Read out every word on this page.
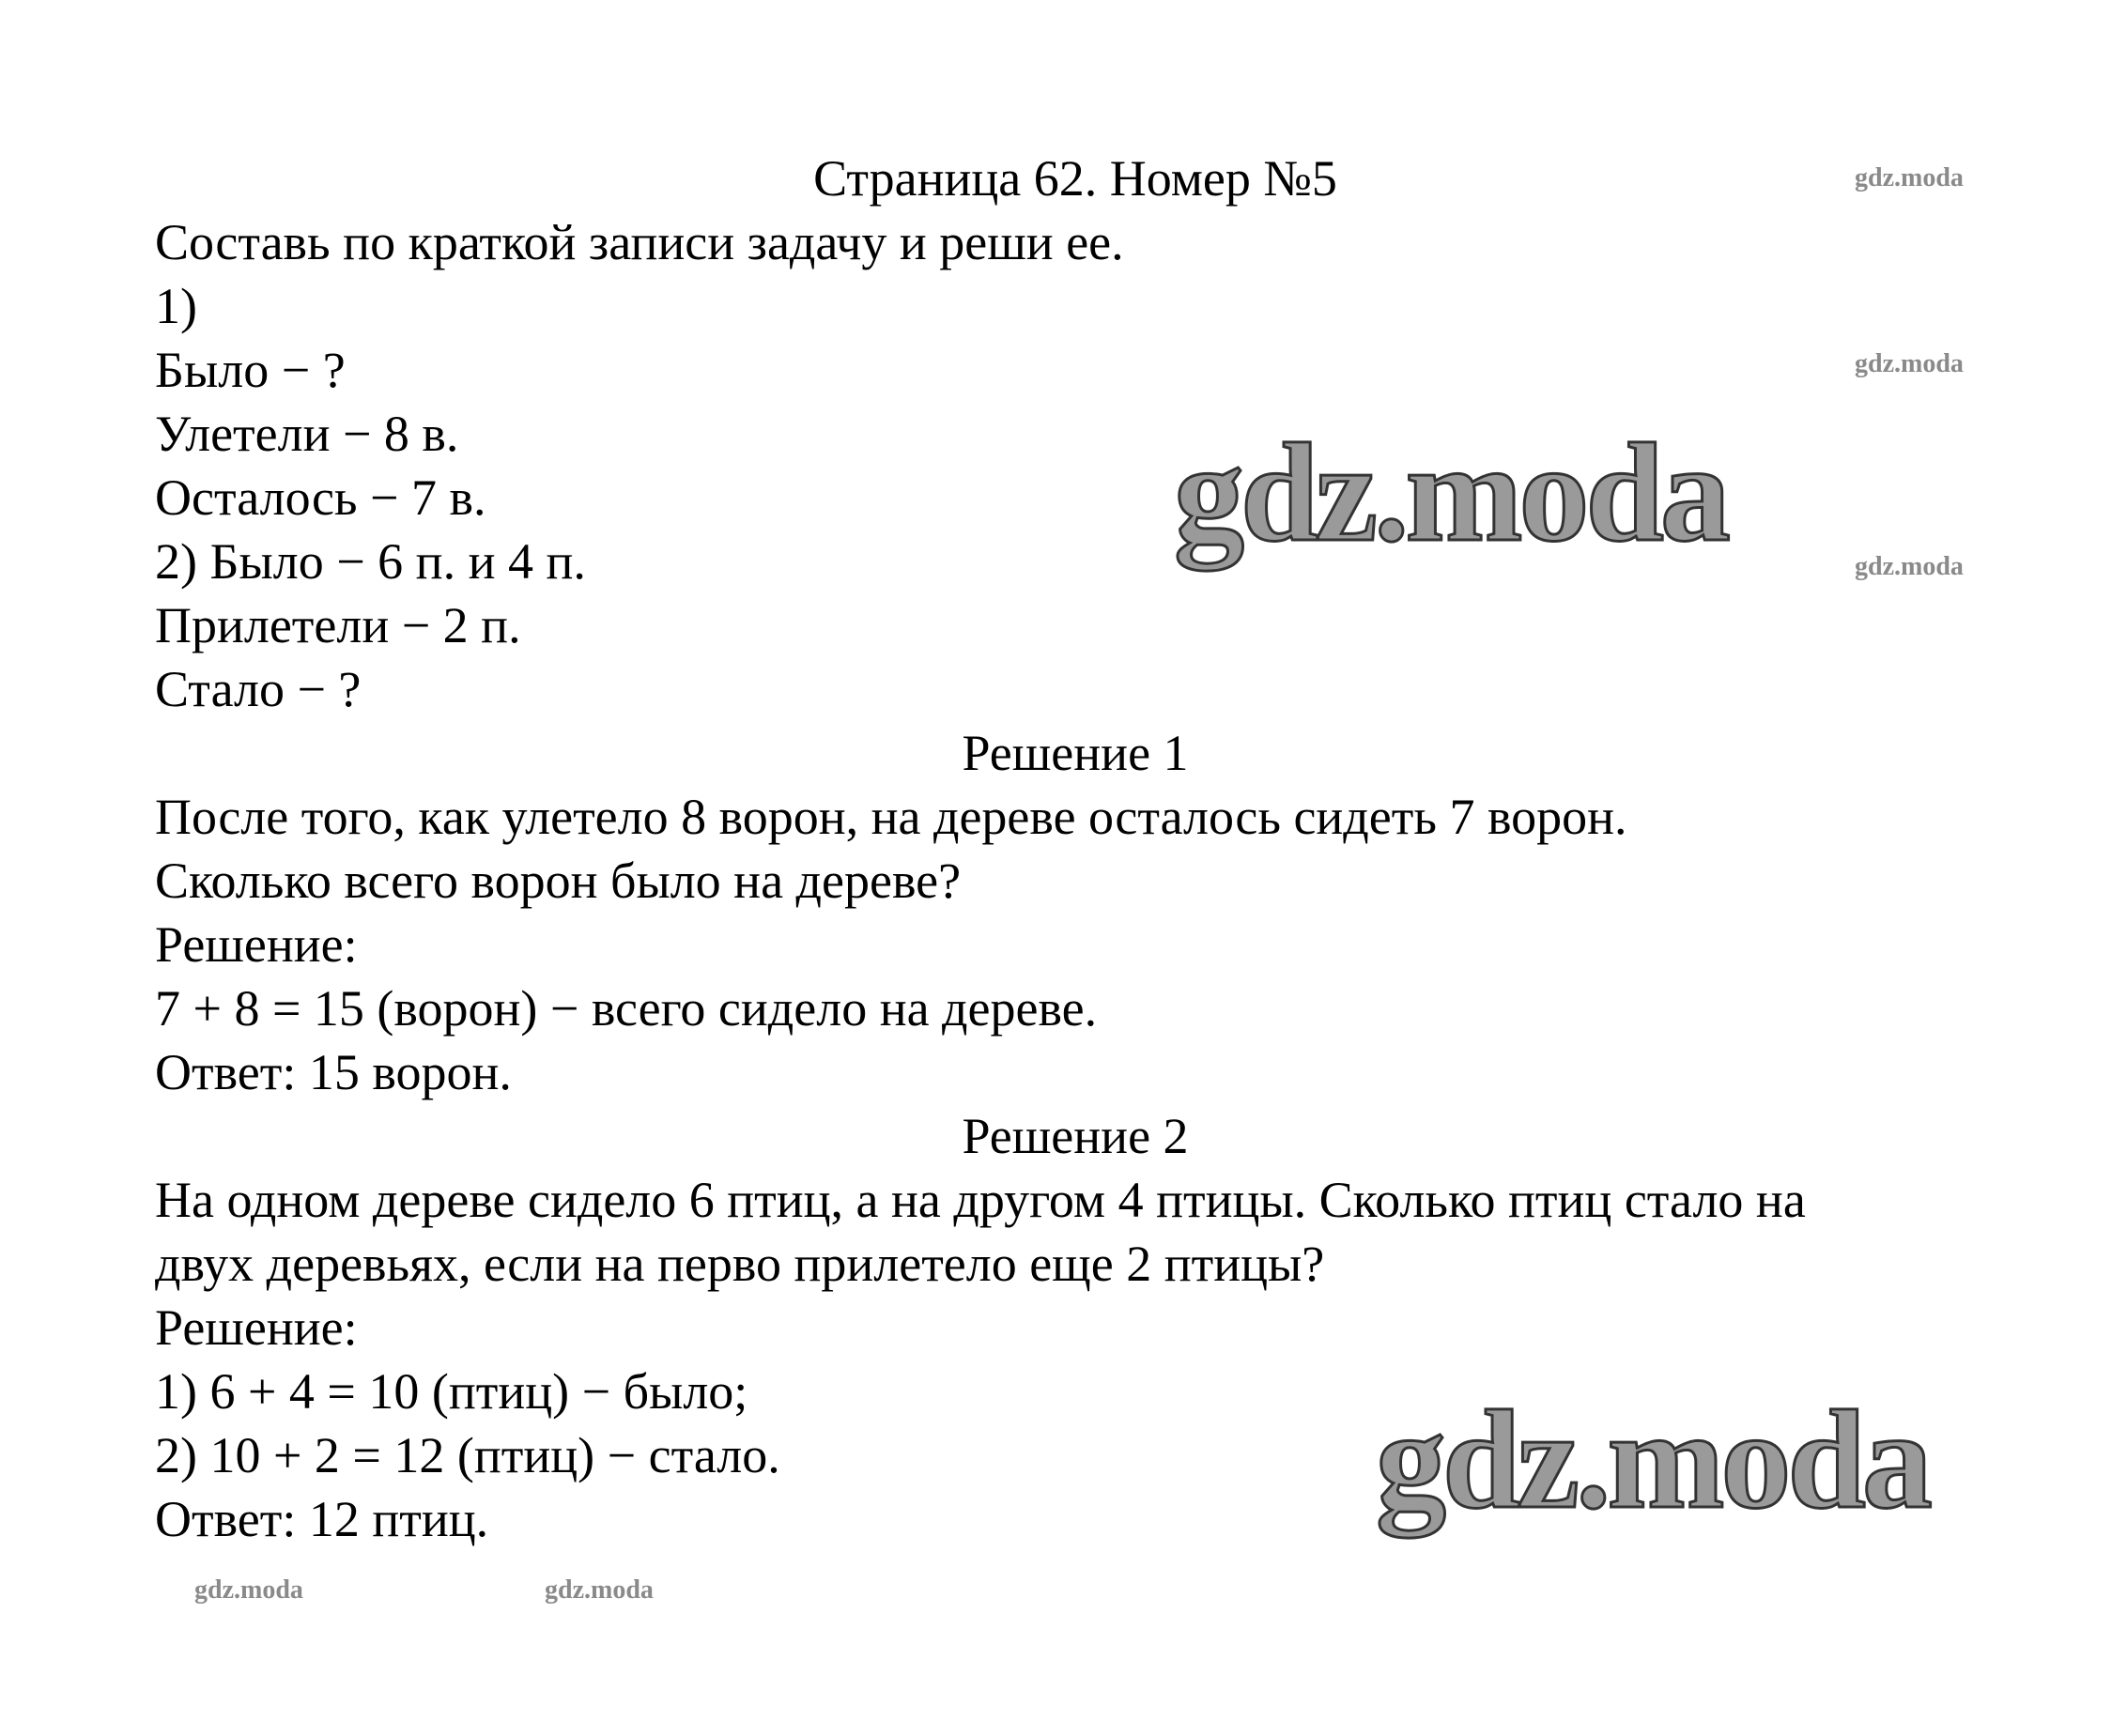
Страница 62. Номер №5
Составь по краткой записи задачу и реши ее.
1)
Было − ?
Улетели − 8 в.
Осталось − 7 в.
2) Было − 6 п. и 4 п.
Прилетели − 2 п.
Стало − ?
Решение 1
После того, как улетело 8 ворон, на дереве осталось сидеть 7 ворон.
Сколько всего ворон было на дереве?
Решение:
7 + 8 = 15 (ворон) − всего сидело на дереве.
Ответ: 15 ворон.
Решение 2
На одном дереве сидело 6 птиц, а на другом 4 птицы. Сколько птиц стало на
двух деревьях, если на перво прилетело еще 2 птицы?
Решение:
1) 6 + 4 = 10 (птиц) − было;
2) 10 + 2 = 12 (птиц) − стало.
Ответ: 12 птиц.
gdz.moda
gdz.moda
gdz.moda
gdz.moda	gdz.moda
gdz.moda
gdz.moda
